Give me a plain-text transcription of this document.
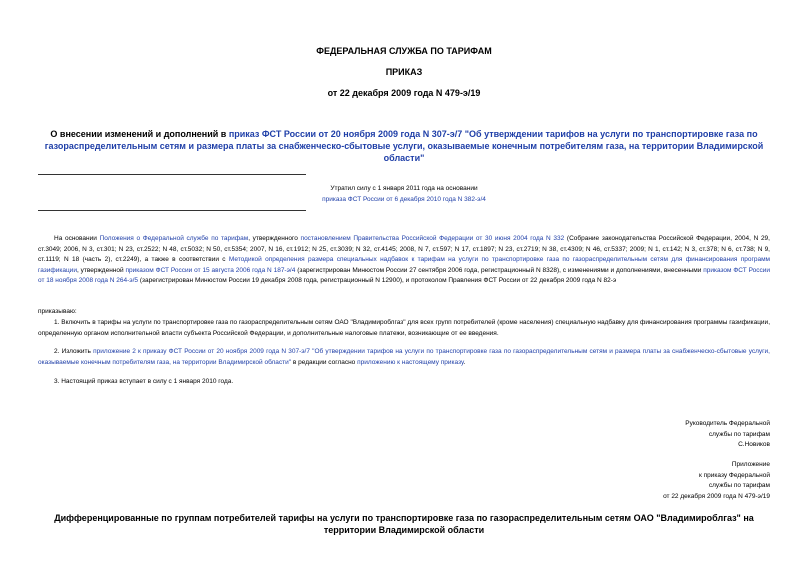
ФЕДЕРАЛЬНАЯ СЛУЖБА ПО ТАРИФАМ
ПРИКАЗ
от 22 декабря 2009 года N 479-э/19
О внесении изменений и дополнений в приказ ФСТ России от 20 ноября 2009 года N 307-э/7 "Об утверждении тарифов на услуги по транспортировке газа по газораспределительным сетям и размера платы за снабженческо-сбытовые услуги, оказываемые конечным потребителям газа, на территории Владимирской области"
Утратил силу с 1 января 2011 года на основании
приказа ФСТ России от 6 декабря 2010 года N 382-э/4
На основании Положения о Федеральной службе по тарифам, утвержденного постановлением Правительства Российской Федерации от 30 июня 2004 года N 332 (Собрание законодательства Российской Федерации, 2004, N 29, ст.3049; 2006, N 3, ст.301; N 23, ст.2522; N 48, ст.5032; N 50, ст.5354; 2007, N 16, ст.1912; N 25, ст.3039; N 32, ст.4145; 2008, N 7, ст.597; N 17, ст.1897; N 23, ст.2719; N 38, ст.4309; N 46, ст.5337; 2009; N 1, ст.142; N 3, ст.378; N 6, ст.738; N 9, ст.1119; N 18 (часть 2), ст.2249), а также в соответствии с Методикой определения размера специальных надбавок к тарифам на услуги по транспортировке газа по газораспределительным сетям для финансирования программ газификации, утвержденной приказом ФСТ России от 15 августа 2006 года N 187-э/4 (зарегистрирован Минюстом России 27 сентября 2006 года, регистрационный N 8328), с изменениями и дополнениями, внесенными приказом ФСТ России от 18 ноября 2008 года N 264-э/5 (зарегистрирован Минюстом России 19 декабря 2008 года, регистрационный N 12900), и протоколом Правления ФСТ России от 22 декабря 2009 года N 82-э
приказываю:
1. Включить в тарифы на услуги по транспортировке газа по газораспределительным сетям ОАО "Владимироблгаз" для всех групп потребителей (кроме населения) специальную надбавку для финансирования программы газификации, определенную органом исполнительной власти субъекта Российской Федерации, и дополнительные налоговые платежи, возникающие от ее введения.
2. Изложить приложение 2 к приказу ФСТ России от 20 ноября 2009 года N 307-э/7 "Об утверждении тарифов на услуги по транспортировке газа по газораспределительным сетям и размера платы за снабженческо-сбытовые услуги, оказываемые конечным потребителям газа, на территории Владимирской области" в редакции согласно приложению к настоящему приказу.
3. Настоящий приказ вступает в силу с 1 января 2010 года.
Руководитель Федеральной
службы по тарифам
С.Новиков
Приложение
к приказу Федеральной
службы по тарифам
от 22 декабря 2009 года N 479-э/19
Дифференцированные по группам потребителей тарифы на услуги по транспортировке газа по газораспределительным сетям ОАО "Владимироблгаз" на территории Владимирской области
